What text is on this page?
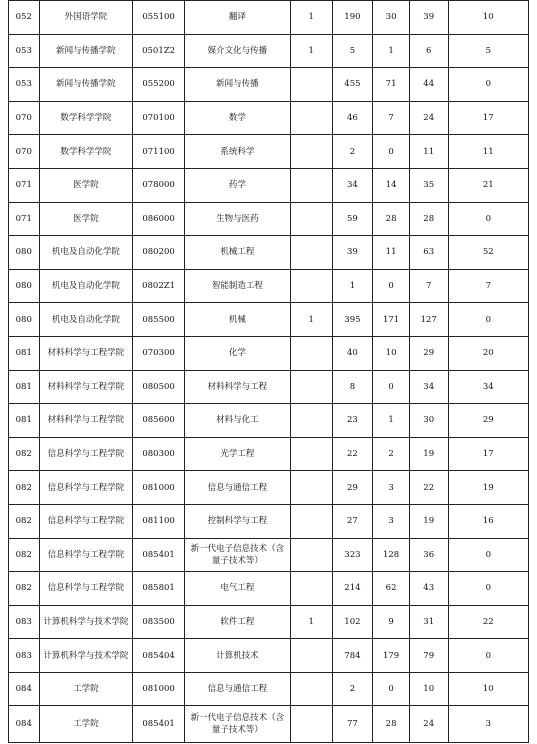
052	外国语学院	055100	翻译	1	190	30	39	10
053	新闻与传播学院	0501Z2	媒介文化与传播	1	5	1	6	5
053	新闻与传播学院	055200	新闻与传播		455	71	44	0
070	数学科学学院	070100	数学		46	7	24	17
070	数学科学学院	071100	系统科学		2	0	11	11
071	医学院	078000	药学		34	14	35	21
071	医学院	086000	生物与医药		59	28	28	0
080	机电及自动化学院	080200	机械工程		39	11	63	52
080	机电及自动化学院	0802Z1	智能制造工程		1	0	7	7
080	机电及自动化学院	085500	机械	1	395	171	127	0
081	材料科学与工程学院	070300	化学		40	10	29	20
081	材料科学与工程学院	080500	材料科学与工程		8	0	34	34
081	材料科学与工程学院	085600	材料与化工		23	1	30	29
082	信息科学与工程学院	080300	光学工程		22	2	19	17
082	信息科学与工程学院	081000	信息与通信工程		29	3	22	19
082	信息科学与工程学院	081100	控制科学与工程		27	3	19	16
082	信息科学与工程学院	085401	新一代电子信息技术（含量子技术等）		323	128	36	0
082	信息科学与工程学院	085801	电气工程		214	62	43	0
083	计算机科学与技术学院	083500	软件工程	1	102	9	31	22
083	计算机科学与技术学院	085404	计算机技术		784	179	79	0
084	工学院	081000	信息与通信工程		2	0	10	10
084	工学院	085401	新一代电子信息技术（含量子技术等）		77	28	24	3
